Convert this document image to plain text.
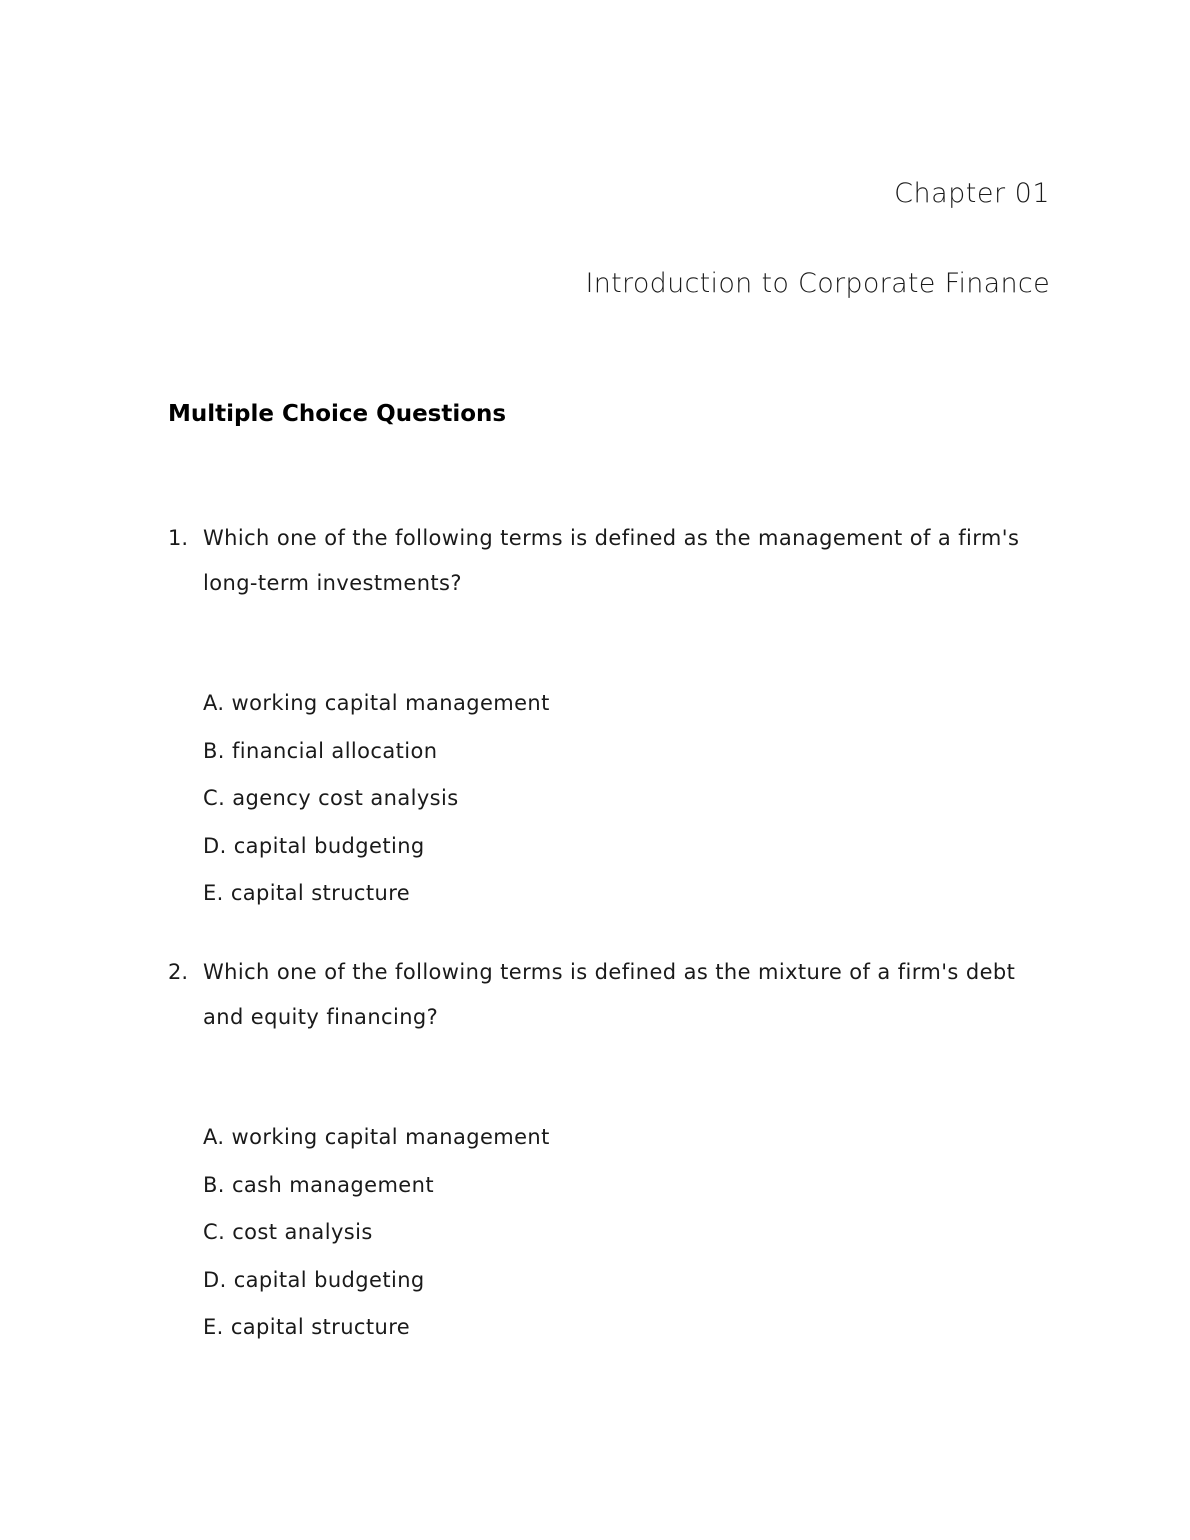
Chapter 01
Introduction to Corporate Finance
Multiple Choice Questions
1. Which one of the following terms is defined as the management of a firm's long-term investments?
A. working capital management
B. financial allocation
C. agency cost analysis
D. capital budgeting
E. capital structure
2. Which one of the following terms is defined as the mixture of a firm's debt and equity financing?
A. working capital management
B. cash management
C. cost analysis
D. capital budgeting
E. capital structure
